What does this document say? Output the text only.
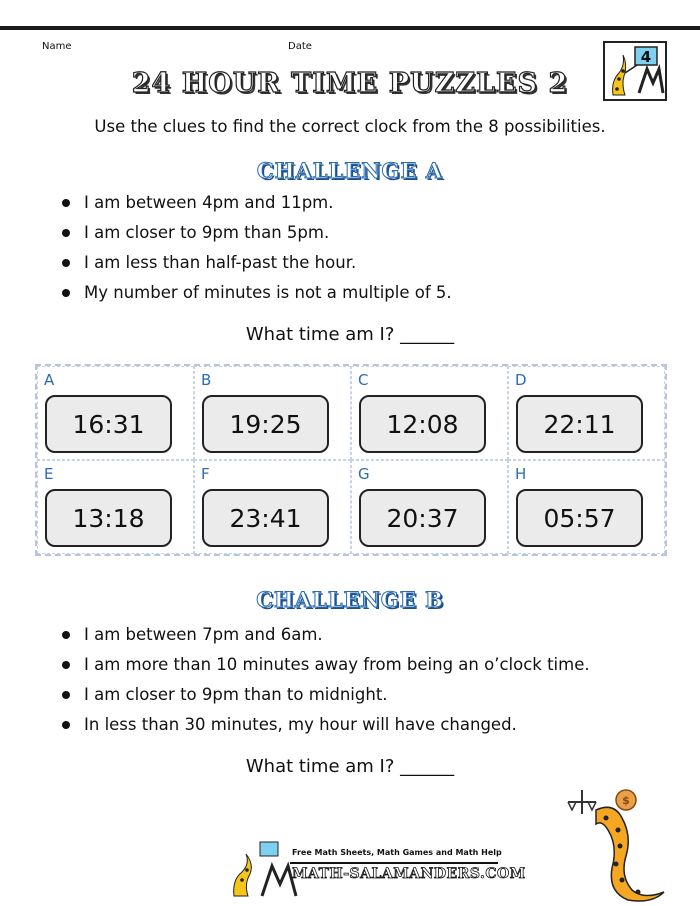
Name	Date
4
24 HOUR TIME PUZZLES 2
Use the clues to find the correct clock from the 8 possibilities.
CHALLENGE A
I am between 4pm and 11pm.
I am closer to 9pm than 5pm.
I am less than half-past the hour.
My number of minutes is not a multiple of 5.
What time am I? ______
A
16:31
B
19:25
C
12:08
D
22:11
E
13:18
F
23:41
G
20:37
H
05:57
CHALLENGE B
I am between 7pm and 6am.
I am more than 10 minutes away from being an o’clock time.
I am closer to 9pm than to midnight.
In less than 30 minutes, my hour will have changed.
What time am I? ______
$
Free Math Sheets, Math Games and Math Help
MATH-SALAMANDERS.COM
